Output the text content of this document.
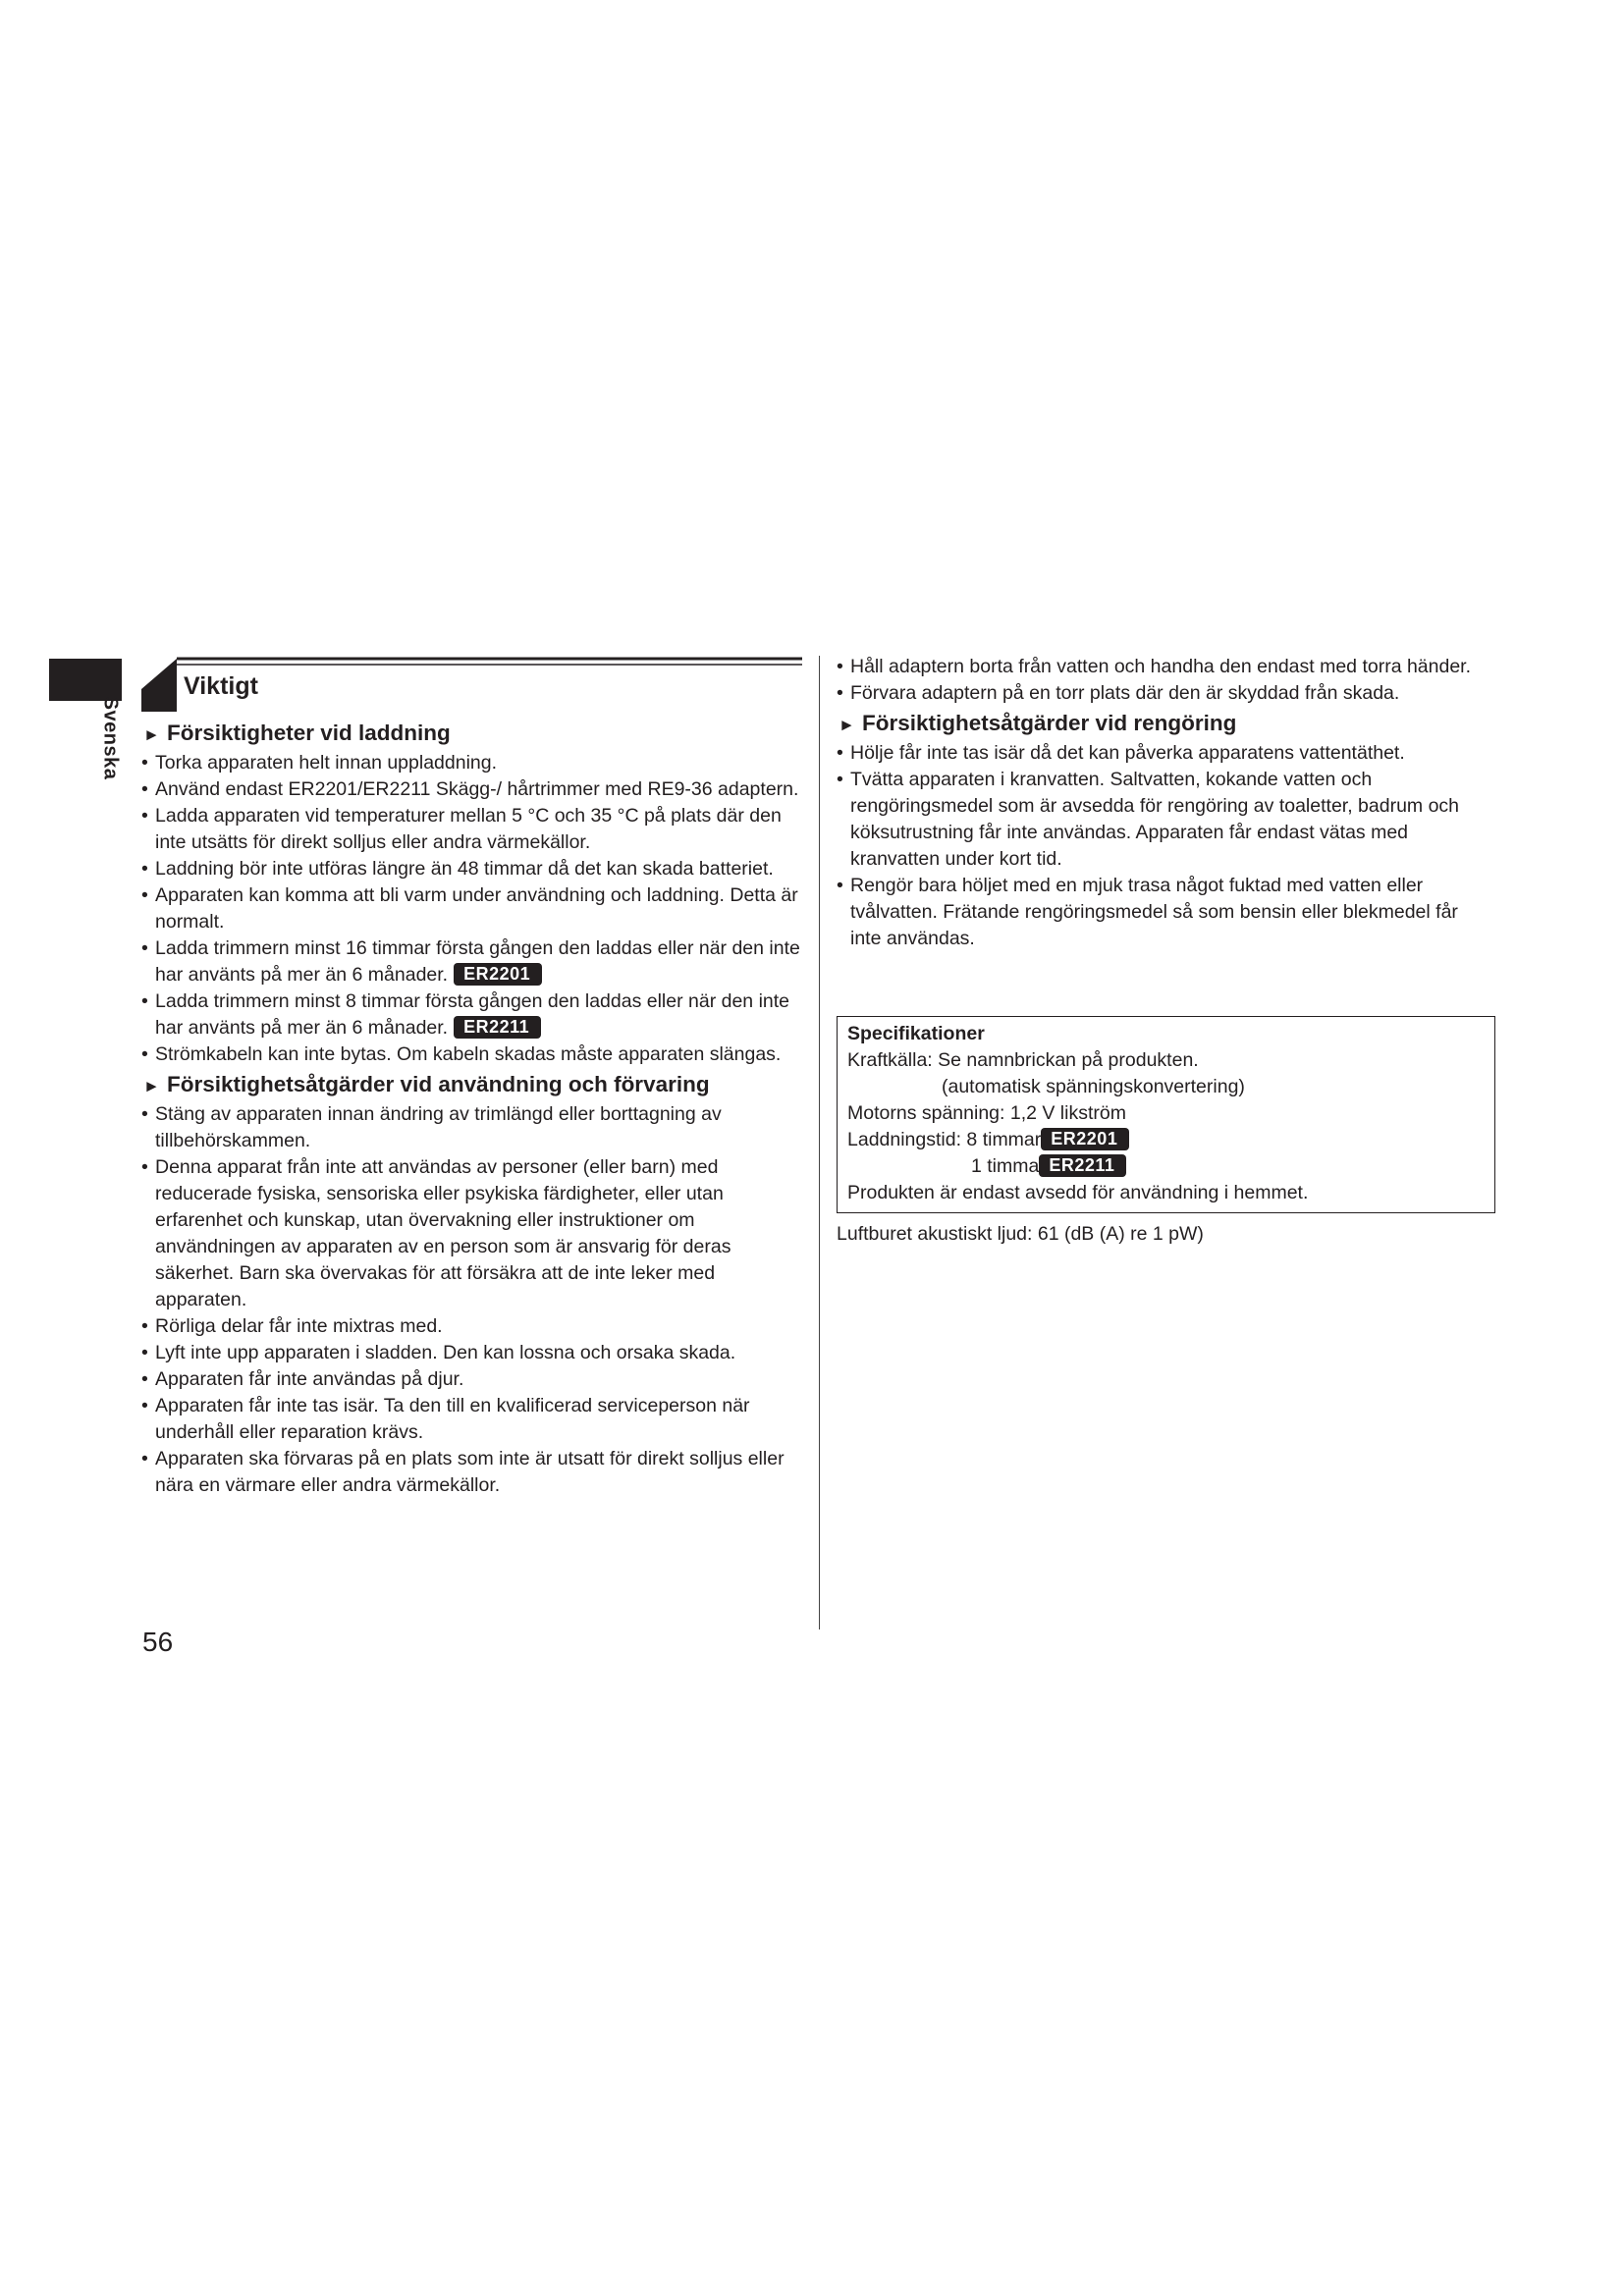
Svenska
Viktigt
► Försiktigheter vid laddning
• Torka apparaten helt innan uppladdning.
• Använd endast ER2201/ER2211 Skägg-/ hårtrimmer med RE9-36 adaptern.
• Ladda apparaten vid temperaturer mellan 5 °C och 35 °C på plats där den inte utsätts för direkt solljus eller andra värmekällor.
• Laddning bör inte utföras längre än 48 timmar då det kan skada batteriet.
• Apparaten kan komma att bli varm under användning och laddning. Detta är normalt.
• Ladda trimmern minst 16 timmar första gången den laddas eller när den inte har använts på mer än 6 månader. ER2201
• Ladda trimmern minst 8 timmar första gången den laddas eller när den inte har använts på mer än 6 månader. ER2211
• Strömkabeln kan inte bytas. Om kabeln skadas måste apparaten slängas.
► Försiktighetsåtgärder vid användning och förvaring
• Stäng av apparaten innan ändring av trimlängd eller borttagning av tillbehörskammen.
• Denna apparat från inte att användas av personer (eller barn) med reducerade fysiska, sensoriska eller psykiska färdigheter, eller utan erfarenhet och kunskap, utan övervakning eller instruktioner om användningen av apparaten av en person som är ansvarig för deras säkerhet. Barn ska övervakas för att försäkra att de inte leker med apparaten.
• Rörliga delar får inte mixtras med.
• Lyft inte upp apparaten i sladden. Den kan lossna och orsaka skada.
• Apparaten får inte användas på djur.
• Apparaten får inte tas isär. Ta den till en kvalificerad serviceperson när underhåll eller reparation krävs.
• Apparaten ska förvaras på en plats som inte är utsatt för direkt solljus eller nära en värmare eller andra värmekällor.
• Håll adaptern borta från vatten och handha den endast med torra händer.
• Förvara adaptern på en torr plats där den är skyddad från skada.
► Försiktighetsåtgärder vid rengöring
• Hölje får inte tas isär då det kan påverka apparatens vattentäthet.
• Tvätta apparaten i kranvatten. Saltvatten, kokande vatten och rengöringsmedel som är avsedda för rengöring av toaletter, badrum och köksutrustning får inte användas. Apparaten får endast vätas med kranvatten under kort tid.
• Rengör bara höljet med en mjuk trasa något fuktad med vatten eller tvålvatten. Frätande rengöringsmedel så som bensin eller blekmedel får inte användas.
Specifikationer
Kraftkälla: Se namnbrickan på produkten.
(automatisk spänningskonvertering)
Motorns spänning: 1,2 V likström
Laddningstid: 8 timmar ER2201
1 timma ER2211
Produkten är endast avsedd för användning i hemmet.
Luftburet akustiskt ljud: 61 (dB (A) re 1 pW)
56
